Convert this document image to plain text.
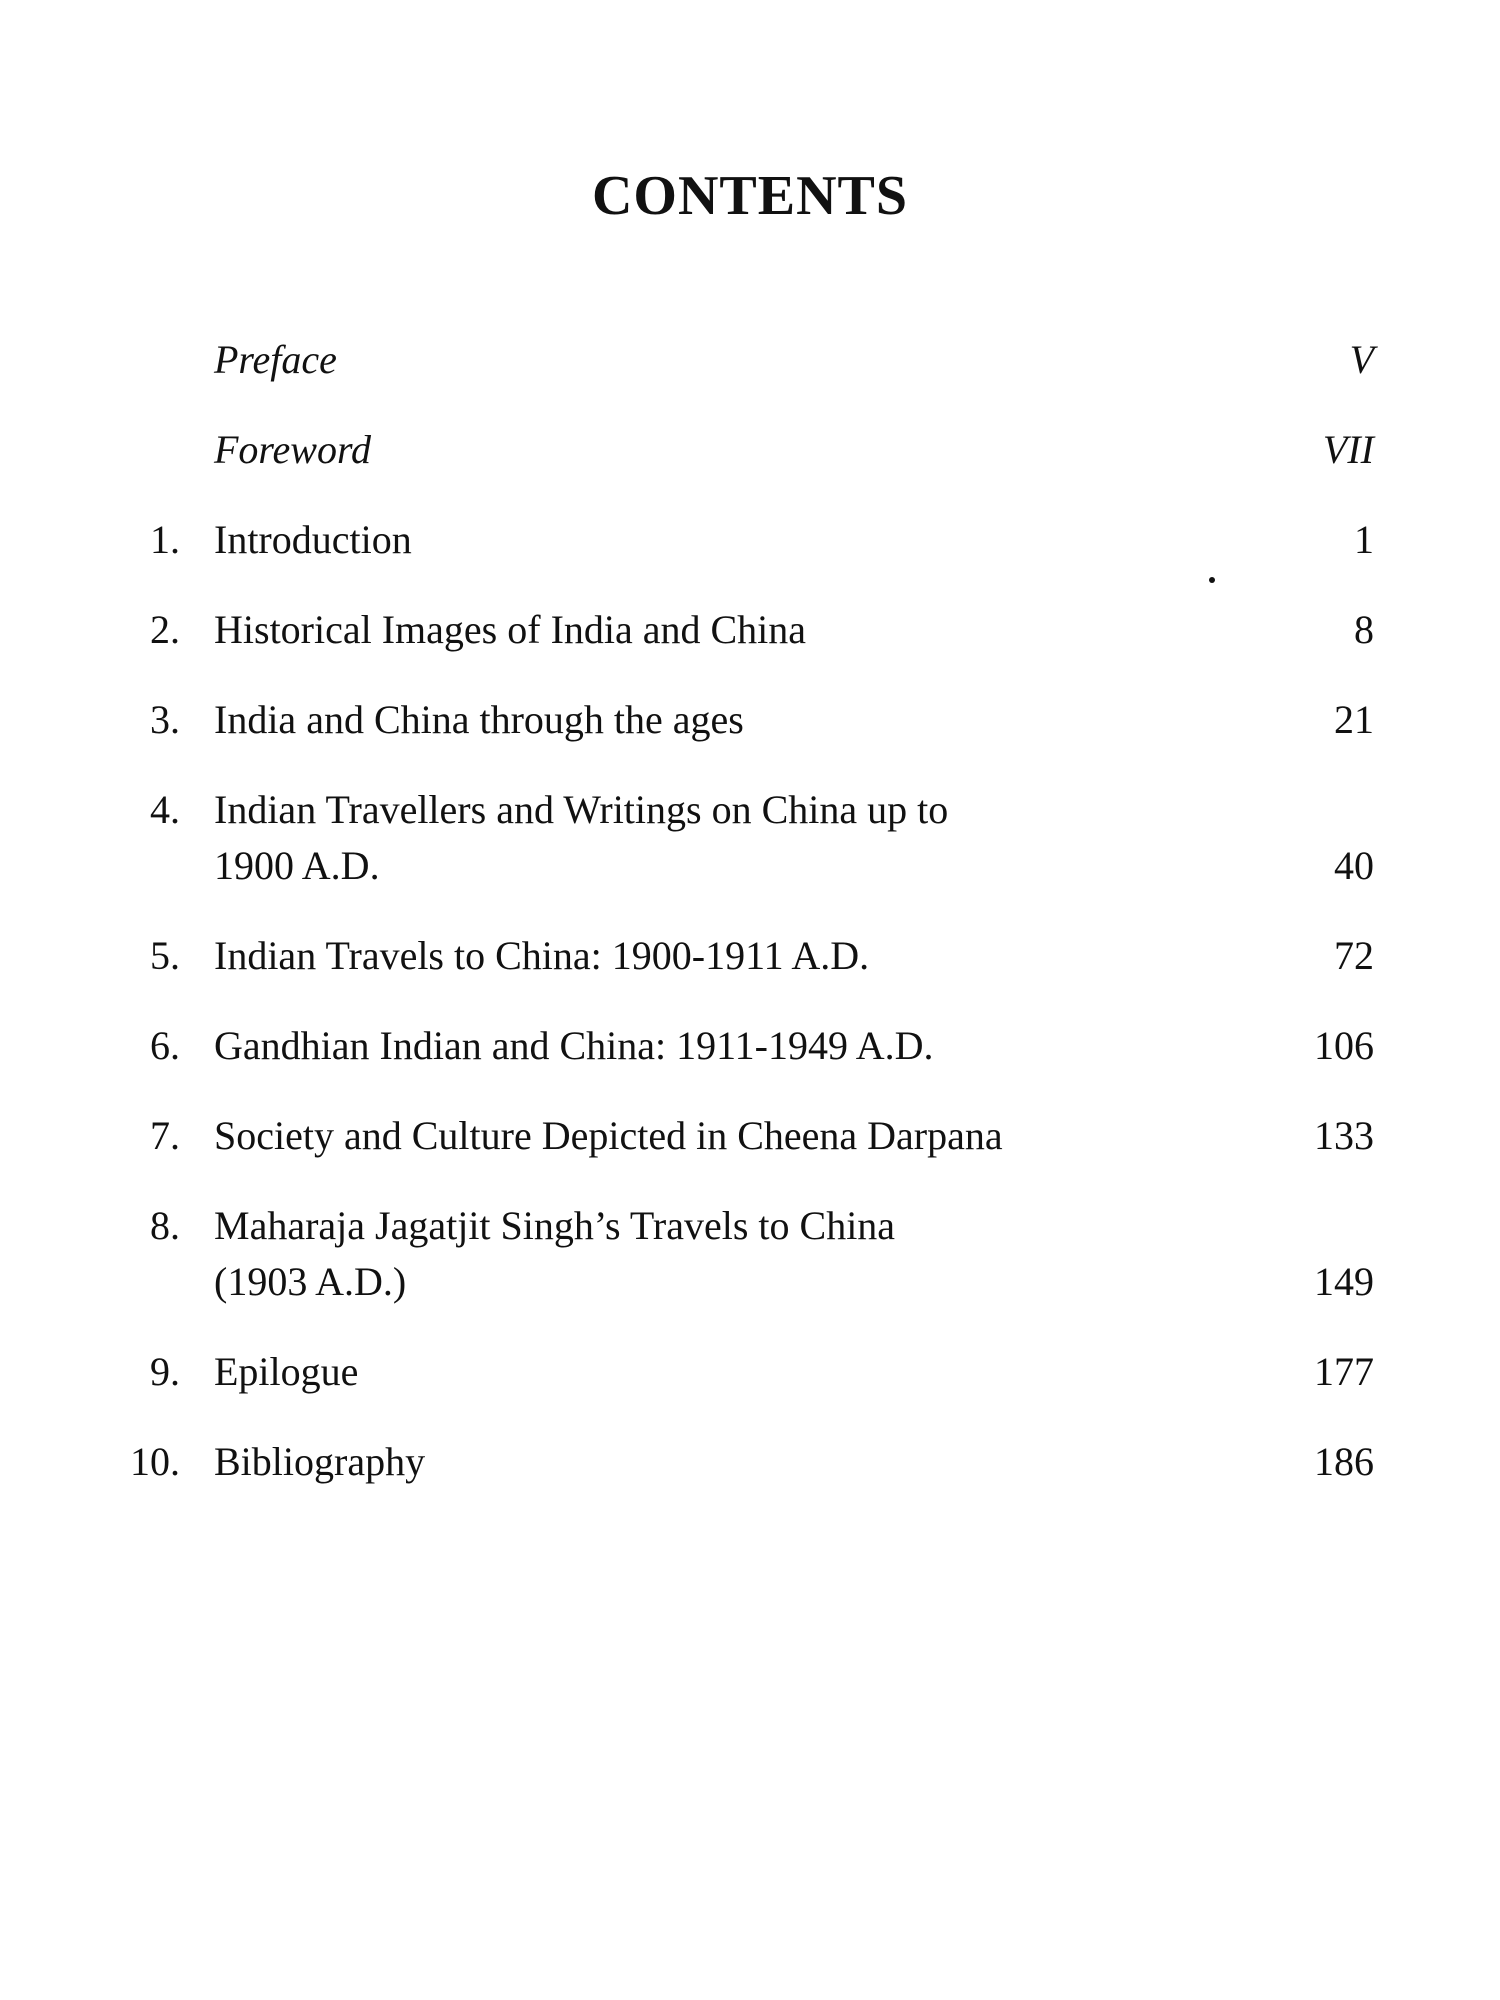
CONTENTS
Preface	V
Foreword	VII
1. Introduction	1
2. Historical Images of India and China	8
3. India and China through the ages	21
4. Indian Travellers and Writings on China up to
1900 A.D.	40
5. Indian Travels to China: 1900-1911 A.D.	72
6. Gandhian Indian and China: 1911-1949 A.D.	106
7. Society and Culture Depicted in Cheena Darpana	133
8. Maharaja Jagatjit Singh’s Travels to China
(1903 A.D.)	149
9. Epilogue	177
10. Bibliography	186
